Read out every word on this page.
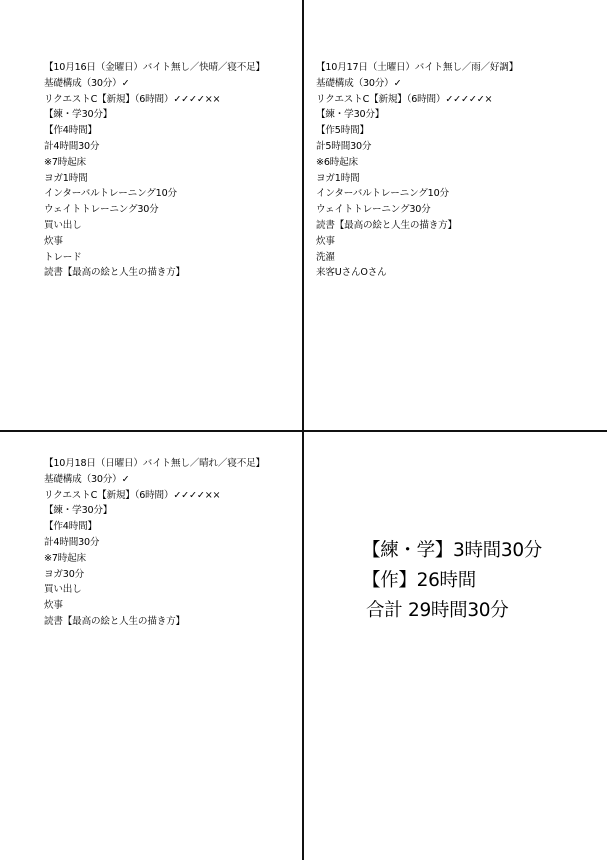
【10月16日（金曜日）バイト無し／快晴／寝不足】
基礎構成（30分）✓
リクエストC【新規】（6時間）✓✓✓✓××
【練・学30分】
【作4時間】
計4時間30分
※7時起床
ヨガ1時間
インターバルトレーニング10分
ウェイトトレーニング30分
買い出し
炊事
トレード
読書【最高の絵と人生の描き方】
【10月17日（土曜日）バイト無し／雨／好調】
基礎構成（30分）✓
リクエストC【新規】（6時間）✓✓✓✓✓×
【練・学30分】
【作5時間】
計5時間30分
※6時起床
ヨガ1時間
インターバルトレーニング10分
ウェイトトレーニング30分
読書【最高の絵と人生の描き方】
炊事
洗濯
来客UさんOさん
【10月18日（日曜日）バイト無し／晴れ／寝不足】
基礎構成（30分）✓
リクエストC【新規】（6時間）✓✓✓✓××
【練・学30分】
【作4時間】
計4時間30分
※7時起床
ヨガ30分
買い出し
炊事
読書【最高の絵と人生の描き方】
【練・学】3時間30分
【作】26時間
合計 29時間30分
